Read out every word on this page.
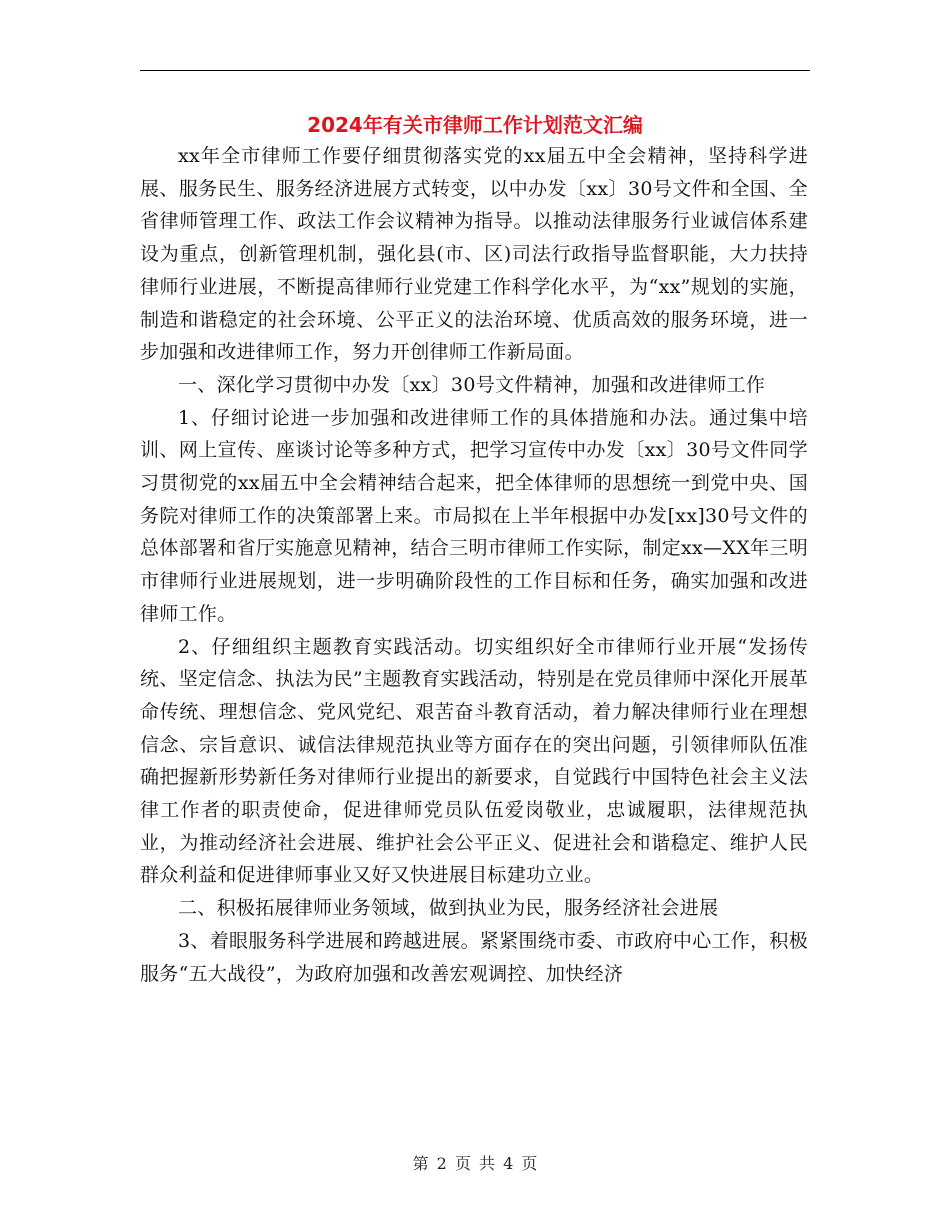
2024年有关市律师工作计划范文汇编

xx年全市律师工作要仔细贯彻落实党的xx届五中全会精神，坚持科学进展、服务民生、服务经济进展方式转变，以中办发〔xx〕30号文件和全国、全省律师管理工作、政法工作会议精神为指导。以推动法律服务行业诚信体系建设为重点，创新管理机制，强化县(市、区)司法行政指导监督职能，大力扶持律师行业进展，不断提高律师行业党建工作科学化水平，为“xx”规划的实施，制造和谐稳定的社会环境、公平正义的法治环境、优质高效的服务环境，进一步加强和改进律师工作，努力开创律师工作新局面。

一、深化学习贯彻中办发〔xx〕30号文件精神，加强和改进律师工作

1、仔细讨论进一步加强和改进律师工作的具体措施和办法。通过集中培训、网上宣传、座谈讨论等多种方式，把学习宣传中办发〔xx〕30号文件同学习贯彻党的xx届五中全会精神结合起来，把全体律师的思想统一到党中央、国务院对律师工作的决策部署上来。市局拟在上半年根据中办发[xx]30号文件的总体部署和省厅实施意见精神，结合三明市律师工作实际，制定xx—XX年三明市律师行业进展规划，进一步明确阶段性的工作目标和任务，确实加强和改进律师工作。

2、仔细组织主题教育实践活动。切实组织好全市律师行业开展“发扬传统、坚定信念、执法为民”主题教育实践活动，特别是在党员律师中深化开展革命传统、理想信念、党风党纪、艰苦奋斗教育活动，着力解决律师行业在理想信念、宗旨意识、诚信法律规范执业等方面存在的突出问题，引领律师队伍准确把握新形势新任务对律师行业提出的新要求，自觉践行中国特色社会主义法律工作者的职责使命，促进律师党员队伍爱岗敬业，忠诚履职，法律规范执业，为推动经济社会进展、维护社会公平正义、促进社会和谐稳定、维护人民群众利益和促进律师事业又好又快进展目标建功立业。

二、积极拓展律师业务领域，做到执业为民，服务经济社会进展

3、着眼服务科学进展和跨越进展。紧紧围绕市委、市政府中心工作，积极服务“五大战役”，为政府加强和改善宏观调控、加快经济

第 2 页 共 4 页
